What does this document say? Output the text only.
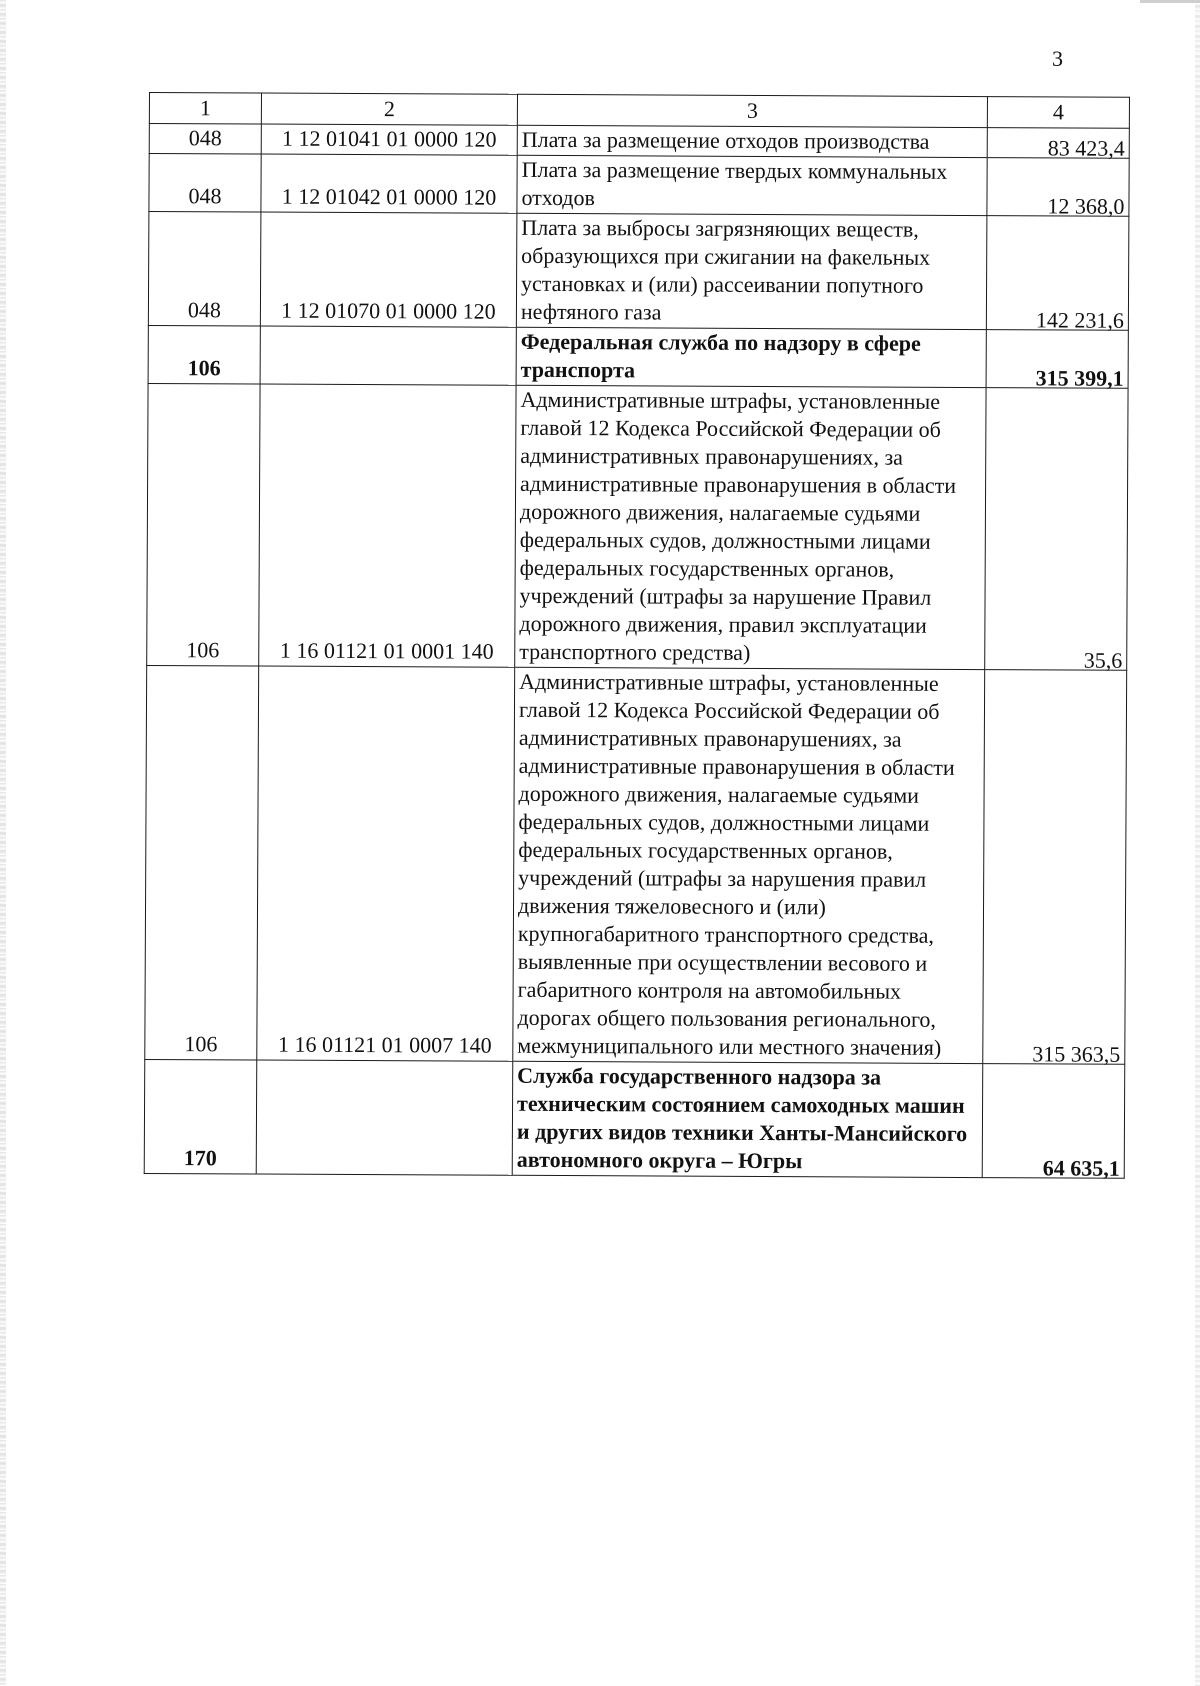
3
1	2	3	4
048	1 12 01041 01 0000 120	Плата за размещение отходов производства	83 423,4
048	1 12 01042 01 0000 120	Плата за размещение твердых коммунальных отходов	12 368,0
048	1 12 01070 01 0000 120	Плата за выбросы загрязняющих веществ, образующихся при сжигании на факельных установках и (или) рассеивании попутного нефтяного газа	142 231,6
106		Федеральная служба по надзору в сфере транспорта	315 399,1
106	1 16 01121 01 0001 140	Административные штрафы, установленные главой 12 Кодекса Российской Федерации об административных правонарушениях, за административные правонарушения в области дорожного движения, налагаемые судьями федеральных судов, должностными лицами федеральных государственных органов, учреждений (штрафы за нарушение Правил дорожного движения, правил эксплуатации транспортного средства)	35,6
106	1 16 01121 01 0007 140	Административные штрафы, установленные главой 12 Кодекса Российской Федерации об административных правонарушениях, за административные правонарушения в области дорожного движения, налагаемые судьями федеральных судов, должностными лицами федеральных государственных органов, учреждений (штрафы за нарушения правил движения тяжеловесного и (или) крупногабаритного транспортного средства, выявленные при осуществлении весового и габаритного контроля на автомобильных дорогах общего пользования регионального, межмуниципального или местного значения)	315 363,5
170		Служба государственного надзора за техническим состоянием самоходных машин и других видов техники Ханты-Мансийского автономного округа – Югры	64 635,1
